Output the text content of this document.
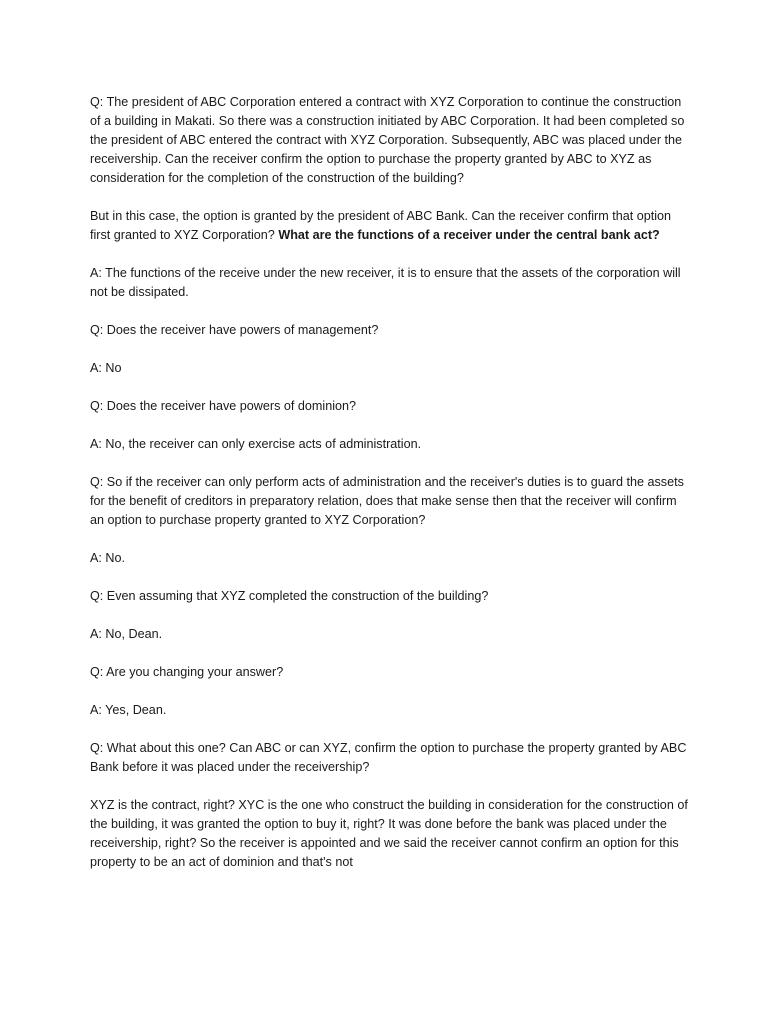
Q: The president of ABC Corporation entered a contract with XYZ Corporation to continue the construction of a building in Makati. So there was a construction initiated by ABC Corporation. It had been completed so the president of ABC entered the contract with XYZ Corporation. Subsequently, ABC was placed under the receivership. Can the receiver confirm the option to purchase the property granted by ABC to XYZ as consideration for the completion of the construction of the building?

But in this case, the option is granted by the president of ABC Bank. Can the receiver confirm that option first granted to XYZ Corporation? What are the functions of a receiver under the central bank act?

A: The functions of the receive under the new receiver, it is to ensure that the assets of the corporation will not be dissipated.

Q: Does the receiver have powers of management?

A: No

Q: Does the receiver have powers of dominion?

A: No, the receiver can only exercise acts of administration.

Q: So if the receiver can only perform acts of administration and the receiver's duties is to guard the assets for the benefit of creditors in preparatory relation, does that make sense then that the receiver will confirm an option to purchase property granted to XYZ Corporation?

A: No.

Q: Even assuming that XYZ completed the construction of the building?

A: No, Dean.

Q: Are you changing your answer?

A: Yes, Dean.

Q: What about this one? Can ABC or can XYZ, confirm the option to purchase the property granted by ABC Bank before it was placed under the receivership?

XYZ is the contract, right? XYC is the one who construct the building in consideration for the construction of the building, it was granted the option to buy it, right? It was done before the bank was placed under the receivership, right? So the receiver is appointed and we said the receiver cannot confirm an option for this property to be an act of dominion and that's not
